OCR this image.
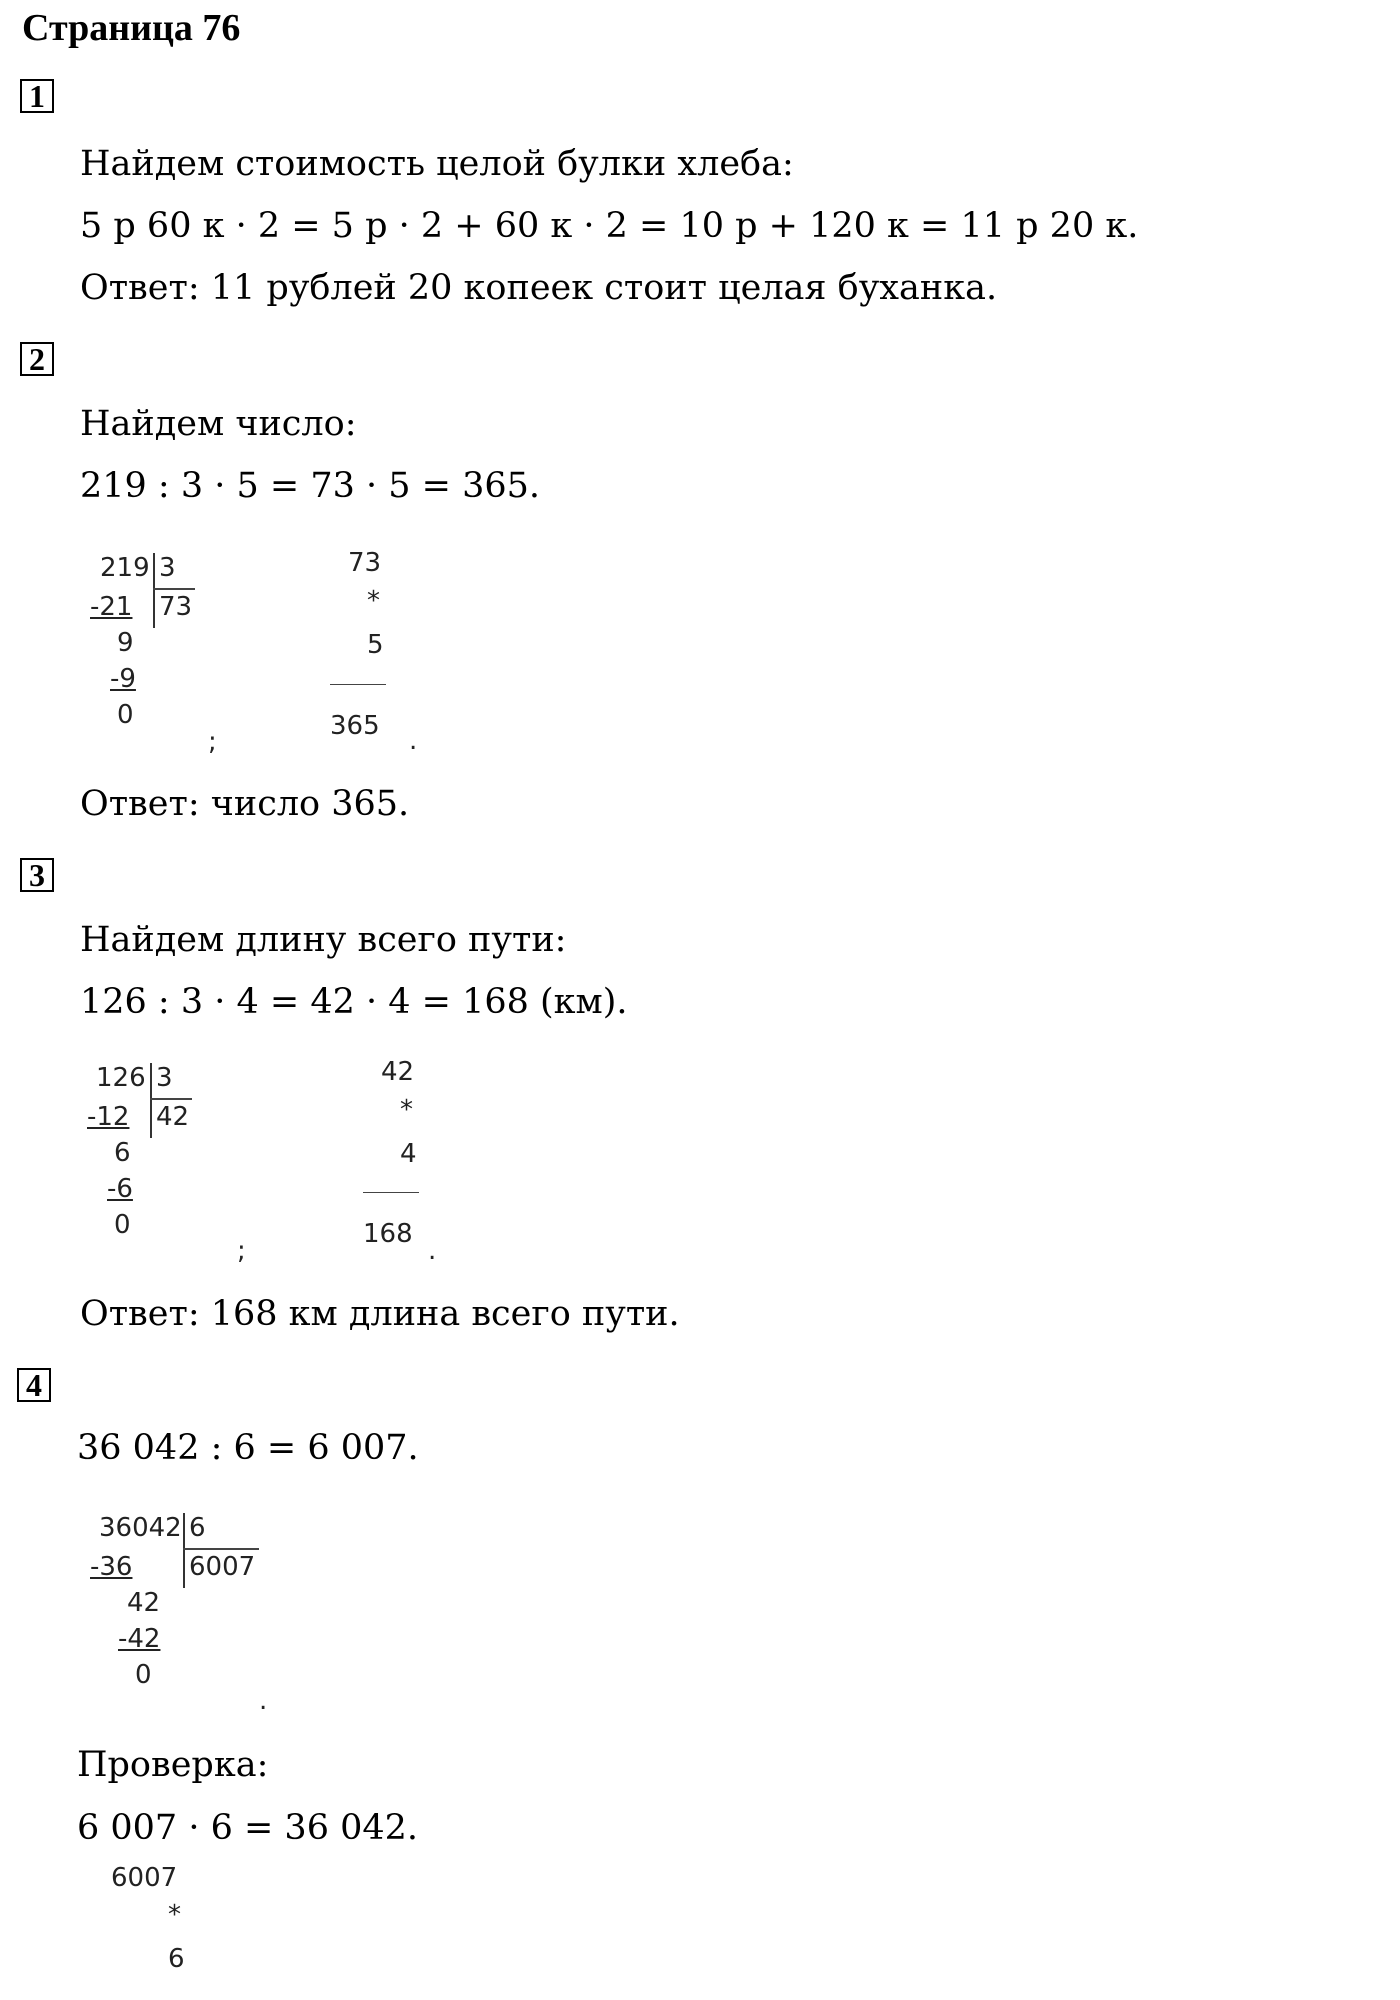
Страница 76
1
Найдем стоимость целой булки хлеба:
5 р 60 к · 2 = 5 р · 2 + 60 к · 2 = 10 р + 120 к = 11 р 20 к.
Ответ: 11 рублей 20 копеек стоит целая буханка.
2
Найдем число:
219 : 3 · 5 = 73 · 5 = 365.
219 3
73
-21
9
-9
0
;
73
*
5
365 .
Ответ: число 365.
3
Найдем длину всего пути:
126 : 3 · 4 = 42 · 4 = 168 (км).
126 3
42
-12
6
-6
0
;
42
*
4
168
.
Ответ: 168 км длина всего пути.
4
36 042 : 6 = 6 007.
36042 6
6007
-36
42
-42
0
.
Проверка:
6 007 · 6 = 36 042.
6007
*
6
